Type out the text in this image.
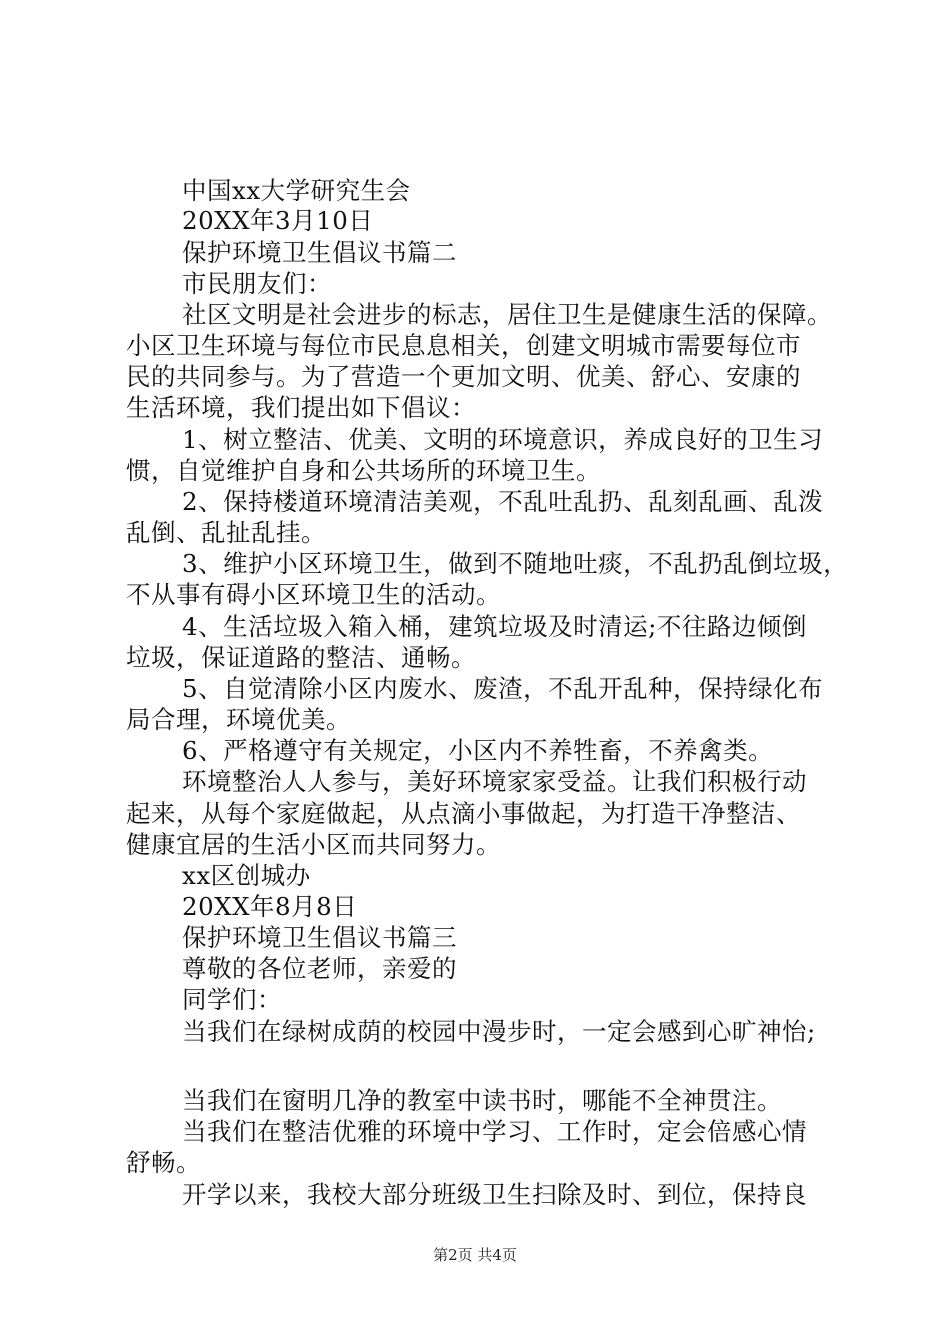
中国xx大学研究生会
20XX年3月10日
保护环境卫生倡议书篇二
市民朋友们：
社区文明是社会进步的标志，居住卫生是健康生活的保障。
小区卫生环境与每位市民息息相关，创建文明城市需要每位市
民的共同参与。为了营造一个更加文明、优美、舒心、安康的
生活环境，我们提出如下倡议：
1、树立整洁、优美、文明的环境意识，养成良好的卫生习
惯，自觉维护自身和公共场所的环境卫生。
2、保持楼道环境清洁美观，不乱吐乱扔、乱刻乱画、乱泼
乱倒、乱扯乱挂。
3、维护小区环境卫生，做到不随地吐痰，不乱扔乱倒垃圾，
不从事有碍小区环境卫生的活动。
4、生活垃圾入箱入桶，建筑垃圾及时清运;不往路边倾倒
垃圾，保证道路的整洁、通畅。
5、自觉清除小区内废水、废渣，不乱开乱种，保持绿化布
局合理，环境优美。
6、严格遵守有关规定，小区内不养牲畜，不养禽类。
环境整治人人参与，美好环境家家受益。让我们积极行动
起来，从每个家庭做起，从点滴小事做起，为打造干净整洁、
健康宜居的生活小区而共同努力。
xx区创城办
20XX年8月8日
保护环境卫生倡议书篇三
尊敬的各位老师，亲爱的
同学们：
当我们在绿树成荫的校园中漫步时，一定会感到心旷神怡;
当我们在窗明几净的教室中读书时，哪能不全神贯注。
当我们在整洁优雅的环境中学习、工作时，定会倍感心情
舒畅。
开学以来，我校大部分班级卫生扫除及时、到位，保持良
第2页 共4页
